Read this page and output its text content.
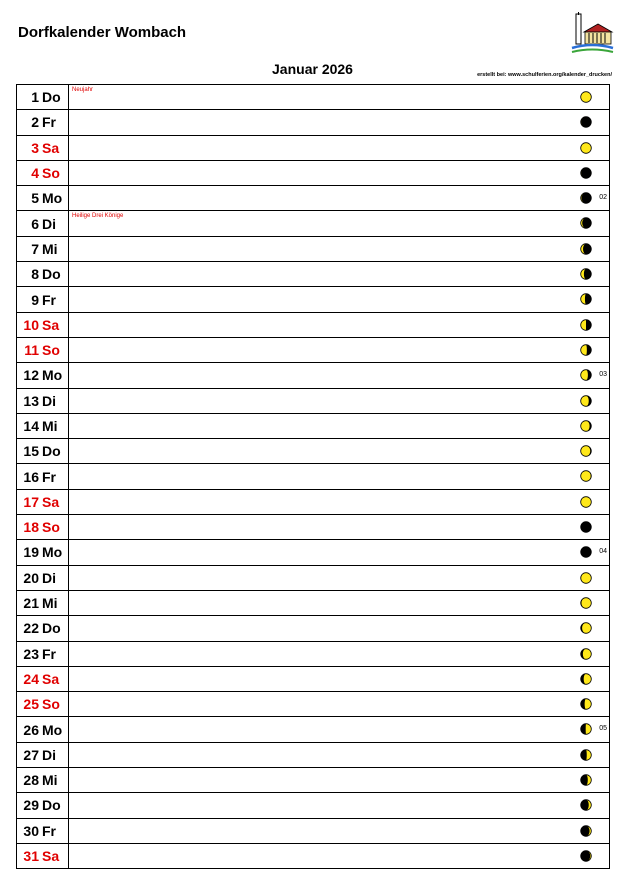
Dorfkalender Wombach
Januar 2026	erstellt bei: www.schulferien.org/kalender_drucken/
1	Do	Neujahr

2	Fr	

3	Sa	

4	So	

5	Mo	02

6	Di	Heilige Drei Könige

7	Mi	

8	Do	

9	Fr	

10	Sa	

11	So	

12	Mo	03

13	Di	

14	Mi	

15	Do	

16	Fr	

17	Sa	

18	So	

19	Mo	04

20	Di	

21	Mi	

22	Do	

23	Fr	

24	Sa	

25	So	

26	Mo	05

27	Di	

28	Mi	

29	Do	

30	Fr	

31	Sa	
